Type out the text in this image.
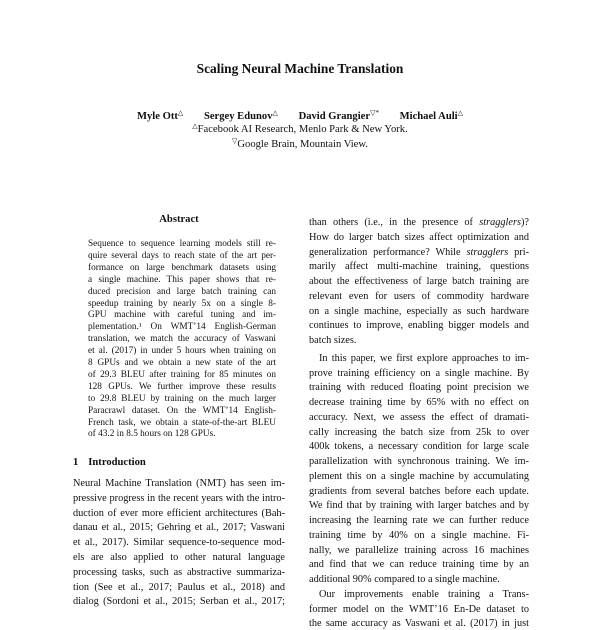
Scaling Neural Machine Translation
Myle Ott△ Sergey Edunov△ David Grangier▽* Michael Auli△
△Facebook AI Research, Menlo Park & New York.
▽Google Brain, Mountain View.
Abstract
Sequence to sequence learning models still re-
quire several days to reach state of the art per-
formance on large benchmark datasets using
a single machine. This paper shows that re-
duced precision and large batch training can
speedup training by nearly 5x on a single 8-
GPU machine with careful tuning and im-
plementation.¹ On WMT’14 English-German
translation, we match the accuracy of Vaswani
et al. (2017) in under 5 hours when training on
8 GPUs and we obtain a new state of the art
of 29.3 BLEU after training for 85 minutes on
128 GPUs. We further improve these results
to 29.8 BLEU by training on the much larger
Paracrawl dataset. On the WMT’14 English-
French task, we obtain a state-of-the-art BLEU
of 43.2 in 8.5 hours on 128 GPUs.
1 Introduction
Neural Machine Translation (NMT) has seen im-
pressive progress in the recent years with the intro-
duction of ever more efficient architectures (Bah-
danau et al., 2015; Gehring et al., 2017; Vaswani
et al., 2017). Similar sequence-to-sequence mod-
els are also applied to other natural language
processing tasks, such as abstractive summariza-
tion (See et al., 2017; Paulus et al., 2018) and
dialog (Sordoni et al., 2015; Serban et al., 2017;
than others (i.e., in the presence of stragglers)?
How do larger batch sizes affect optimization and
generalization performance? While stragglers pri-
marily affect multi-machine training, questions
about the effectiveness of large batch training are
relevant even for users of commodity hardware
on a single machine, especially as such hardware
continues to improve, enabling bigger models and
batch sizes.
In this paper, we first explore approaches to im-
prove training efficiency on a single machine. By
training with reduced floating point precision we
decrease training time by 65% with no effect on
accuracy. Next, we assess the effect of dramati-
cally increasing the batch size from 25k to over
400k tokens, a necessary condition for large scale
parallelization with synchronous training. We im-
plement this on a single machine by accumulating
gradients from several batches before each update.
We find that by training with larger batches and by
increasing the learning rate we can further reduce
training time by 40% on a single machine. Fi-
nally, we parallelize training across 16 machines
and find that we can reduce training time by an
additional 90% compared to a single machine.
Our improvements enable training a Trans-
former model on the WMT’16 En-De dataset to
the same accuracy as Vaswani et al. (2017) in just
